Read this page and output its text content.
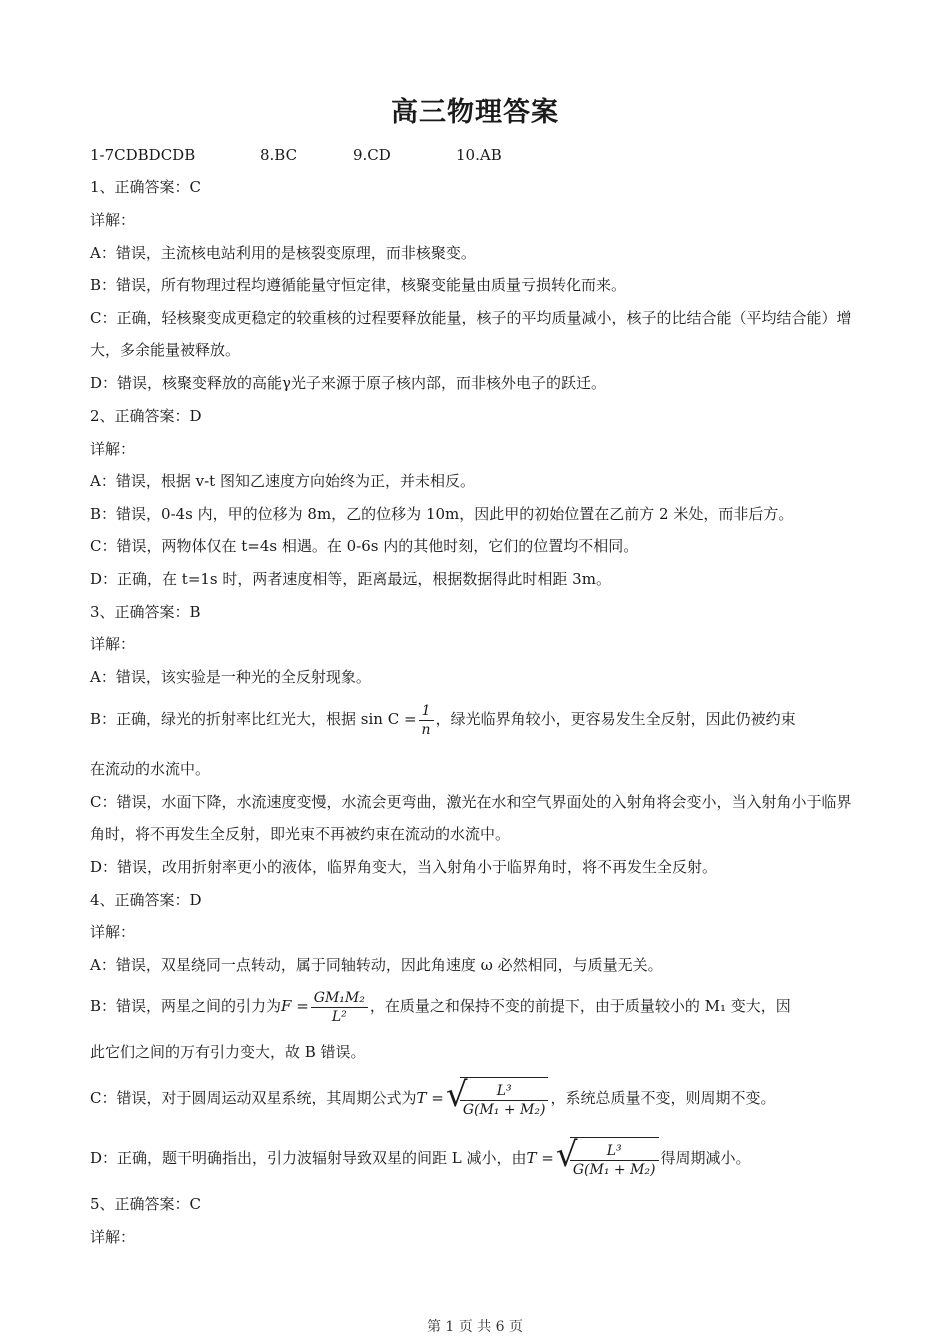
高三物理答案
1-7CDBDCDB	8.BC	9.CD	10.AB
1、正确答案：C
详解：
A：错误，主流核电站利用的是核裂变原理，而非核聚变。
B：错误，所有物理过程均遵循能量守恒定律，核聚变能量由质量亏损转化而来。
C：正确，轻核聚变成更稳定的较重核的过程要释放能量，核子的平均质量减小，核子的比结合能（平均结合能）增大，多余能量被释放。
D：错误，核聚变释放的高能γ光子来源于原子核内部，而非核外电子的跃迁。
2、正确答案：D
详解：
A：错误，根据 v-t 图知乙速度方向始终为正，并未相反。
B：错误，0-4s 内，甲的位移为 8m，乙的位移为 10m，因此甲的初始位置在乙前方 2 米处，而非后方。
C：错误，两物体仅在 t=4s 相遇。在 0-6s 内的其他时刻，它们的位置均不相同。
D：正确，在 t=1s 时，两者速度相等，距离最远，根据数据得此时相距 3m。
3、正确答案：B
详解：
A：错误，该实验是一种光的全反射现象。
B：正确，绿光的折射率比红光大，根据 $\sin C = \frac{1}{n}$ ，绿光临界角较小，更容易发生全反射，因此仍被约束
在流动的水流中。
C：错误，水面下降，水流速度变慢，水流会更弯曲，激光在水和空气界面处的入射角将会变小，当入射角小于临界角时，将不再发生全反射，即光束不再被约束在流动的水流中。
D：错误，改用折射率更小的液体，临界角变大，当入射角小于临界角时，将不再发生全反射。
4、正确答案：D
详解：
A：错误，双星绕同一点转动，属于同轴转动，因此角速度 ω 必然相同，与质量无关。
B：错误，两星之间的引力为$F = \frac{\text{GM₁M₂}}{\text{L²}}$ ，在质量之和保持不变的前提下，由于质量较小的 M₁ 变大，因
此它们之间的万有引力变大，故 B 错误。
C：错误，对于圆周运动双星系统，其周期公式为T = √
$\frac{\text{L³}}{\text{G(M₁ + M₂)}}$ ，系统总质量不变，则周期不变。
D：正确，题干明确指出，引力波辐射导致双星的间距 L 减小，由T = √
$\frac{\text{L³}}{\text{G(M₁ + M₂)}}$ 得周期减小。
5、正确答案：C
详解：
第 1 页 共 6 页
